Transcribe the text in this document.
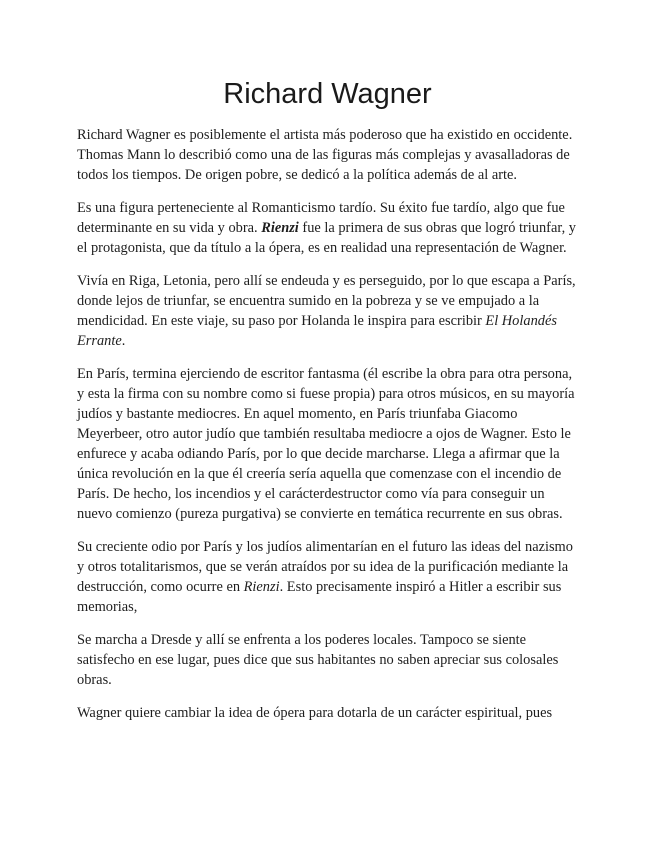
Richard Wagner

Richard Wagner es posiblemente el artista más poderoso que ha existido en occidente. Thomas Mann lo describió como una de las figuras más complejas y avasalladoras de todos los tiempos. De origen pobre, se dedicó a la política además de al arte.

Es una figura perteneciente al Romanticismo tardío. Su éxito fue tardío, algo que fue determinante en su vida y obra. Rienzi fue la primera de sus obras que logró triunfar, y el protagonista, que da título a la ópera, es en realidad una representación de Wagner.

Vivía en Riga, Letonia, pero allí se endeuda y es perseguido, por lo que escapa a París, donde lejos de triunfar, se encuentra sumido en la pobreza y se ve empujado a la mendicidad. En este viaje, su paso por Holanda le inspira para escribir El Holandés Errante.

En París, termina ejerciendo de escritor fantasma (él escribe la obra para otra persona, y esta la firma con su nombre como si fuese propia) para otros músicos, en su mayoría judíos y bastante mediocres. En aquel momento, en París triunfaba Giacomo Meyerbeer, otro autor judío que también resultaba mediocre a ojos de Wagner. Esto le enfurece y acaba odiando París, por lo que decide marcharse. Llega a afirmar que la única revolución en la que él creería sería aquella que comenzase con el incendio de París. De hecho, los incendios y el carácterdestructor como vía para conseguir un nuevo comienzo (pureza purgativa) se convierte en temática recurrente en sus obras.

Su creciente odio por París y los judíos alimentarían en el futuro las ideas del nazismo y otros totalitarismos, que se verán atraídos por su idea de la purificación mediante la destrucción, como ocurre en Rienzi. Esto precisamente inspiró a Hitler a escribir sus memorias,

Se marcha a Dresde y allí se enfrenta a los poderes locales. Tampoco se siente satisfecho en ese lugar, pues dice que sus habitantes no saben apreciar sus colosales obras.

Wagner quiere cambiar la idea de ópera para dotarla de un carácter espiritual, pues
